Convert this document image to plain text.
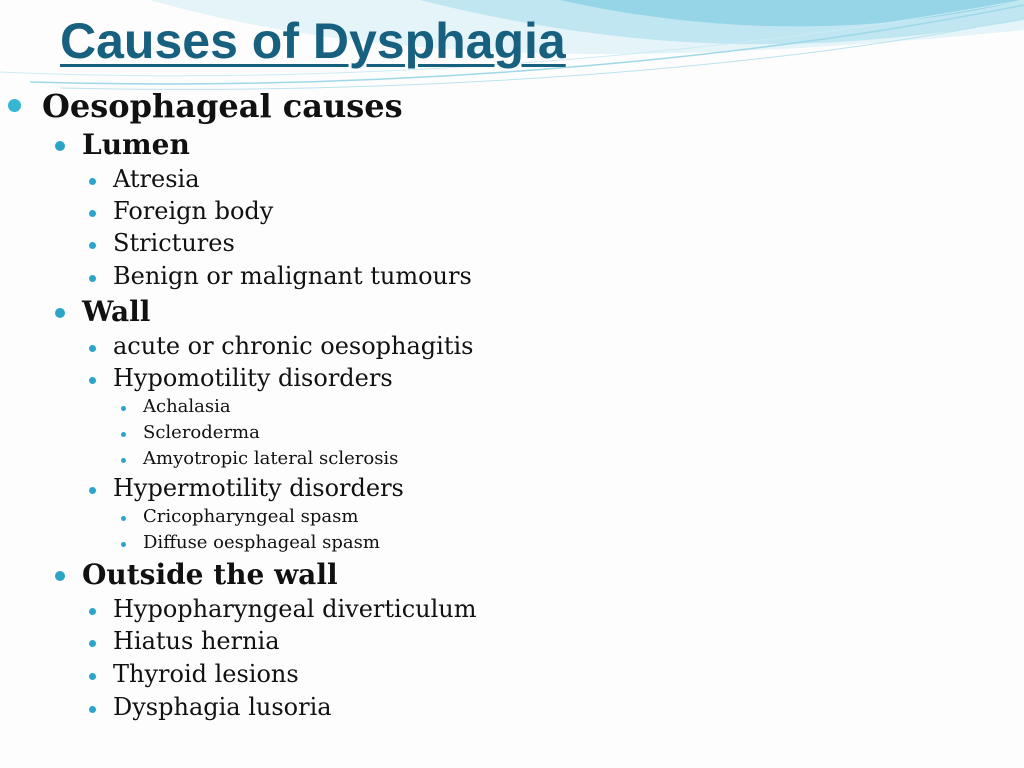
Causes of Dysphagia
Oesophageal causes
Lumen
Atresia
Foreign body
Strictures
Benign or malignant tumours
Wall
acute or chronic oesophagitis
Hypomotility disorders
Achalasia
Scleroderma
Amyotropic lateral sclerosis
Hypermotility disorders
Cricopharyngeal spasm
Diffuse oesphageal spasm
Outside the wall
Hypopharyngeal diverticulum
Hiatus hernia
Thyroid lesions
Dysphagia lusoria
